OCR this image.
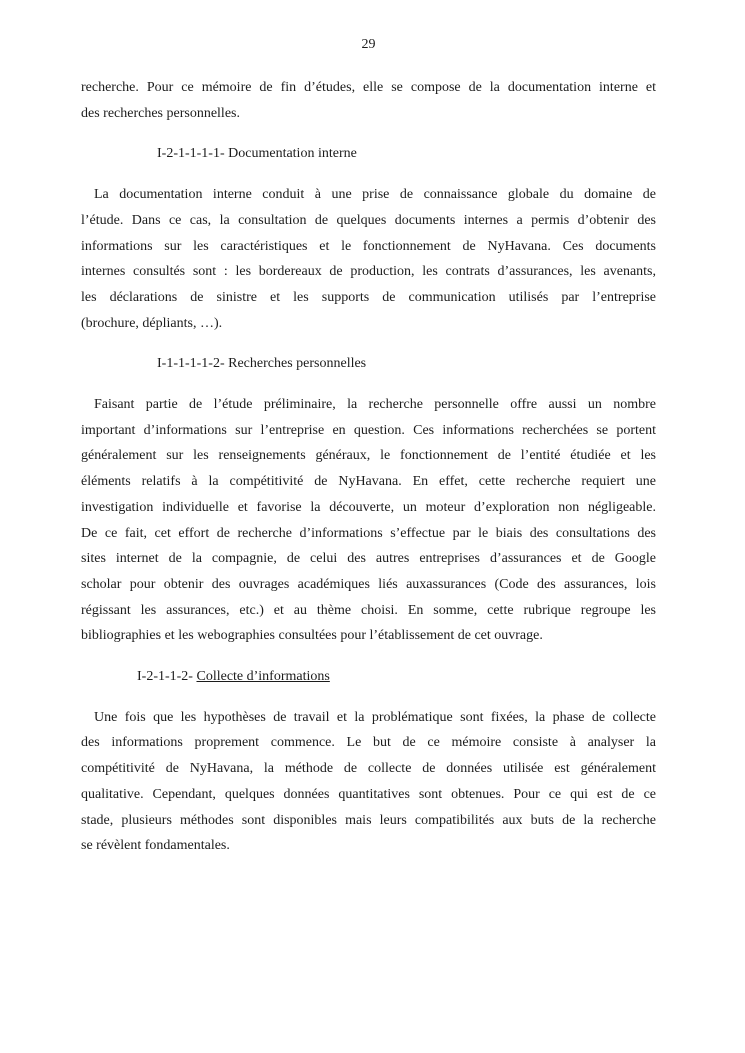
29
recherche. Pour ce mémoire de fin d’études, elle se compose de la documentation interne et
des recherches personnelles.
I-2-1-1-1-1- Documentation interne
La documentation interne conduit à une prise de connaissance globale du domaine de
l’étude. Dans ce cas, la consultation de quelques documents internes a permis d’obtenir des
informations sur les caractéristiques et le fonctionnement de NyHavana. Ces documents
internes consultés sont : les bordereaux de production, les contrats d’assurances, les avenants,
les déclarations de sinistre et les supports de communication utilisés par l’entreprise
(brochure, dépliants, …).
I-1-1-1-1-2- Recherches personnelles
Faisant partie de l’étude préliminaire, la recherche personnelle offre aussi un nombre
important d’informations sur l’entreprise en question. Ces informations recherchées se portent
généralement sur les renseignements généraux, le fonctionnement de l’entité étudiée et les
éléments relatifs à la compétitivité de NyHavana. En effet, cette recherche requiert une
investigation individuelle et favorise la découverte, un moteur d’exploration non négligeable.
De ce fait, cet effort de recherche d’informations s’effectue par le biais des consultations des
sites internet de la compagnie, de celui des autres entreprises d’assurances et de Google
scholar pour obtenir des ouvrages académiques liés auxassurances (Code des assurances, lois
régissant les assurances, etc.) et au thème choisi. En somme, cette rubrique regroupe les
bibliographies et les webographies consultées pour l’établissement de cet ouvrage.
I-2-1-1-2- Collecte d’informations
Une fois que les hypothèses de travail et la problématique sont fixées, la phase de collecte
des informations proprement commence. Le but de ce mémoire consiste à analyser la
compétitivité de NyHavana, la méthode de collecte de données utilisée est généralement
qualitative. Cependant, quelques données quantitatives sont obtenues. Pour ce qui est de ce
stade, plusieurs méthodes sont disponibles mais leurs compatibilités aux buts de la recherche
se révèlent fondamentales.
